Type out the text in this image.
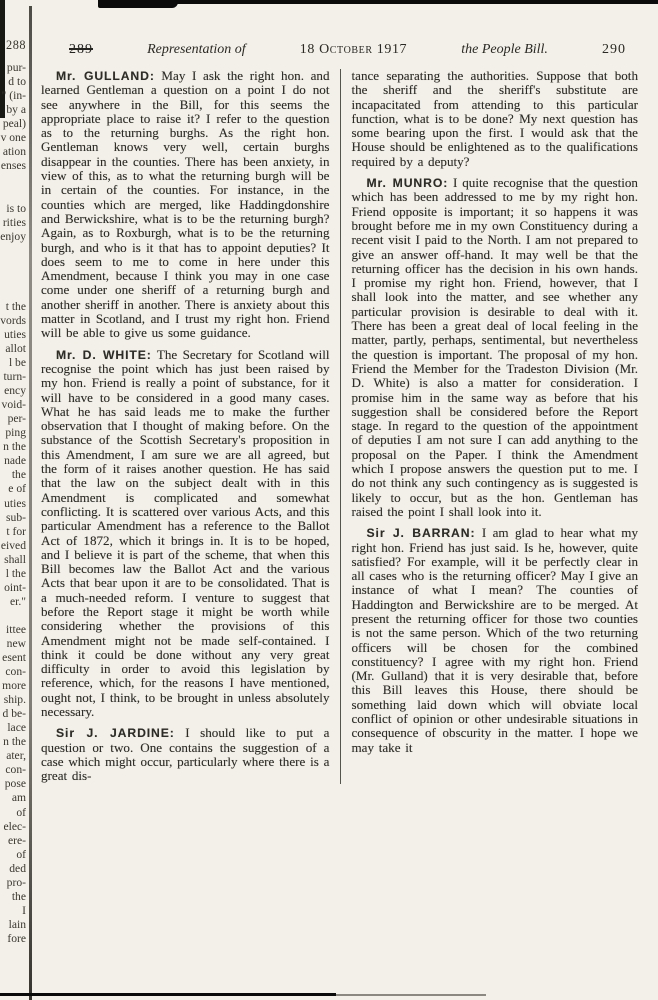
288
pur-
d to
" (in-
by a
peal)
v one
ation
enses
is to
rities
enjoy
t the
vords
uties
allot
l be
turn-
ency
void-
per-
ping
n the
nade
the
e of
uties
sub-
t for
eived
shall
l the
oint-
er."
ittee
new
esent
con-
more
ship.
d be-
lace
n the
ater,
con-
pose
am
of
elec-
ere-
of
ded
pro-
the
I
lain
fore
289	Representation of	18 October 1917	the People Bill.	290

Mr. GULLAND: May I ask the right hon. and learned Gentleman a question on a point I do not see anywhere in the Bill, for this seems the appropriate place to raise it? I refer to the question as to the returning burghs. As the right hon. Gentleman knows very well, certain burghs disappear in the counties. There has been anxiety, in view of this, as to what the returning burgh will be in certain of the counties. For instance, in the counties which are merged, like Haddingdonshire and Berwickshire, what is to be the returning burgh? Again, as to Roxburgh, what is to be the returning burgh, and who is it that has to appoint deputies? It does seem to me to come in here under this Amendment, because I think you may in one case come under one sheriff of a returning burgh and another sheriff in another. There is anxiety about this matter in Scotland, and I trust my right hon. Friend will be able to give us some guidance.

Mr. D. WHITE: The Secretary for Scotland will recognise the point which has just been raised by my hon. Friend is really a point of substance, for it will have to be considered in a good many cases. What he has said leads me to make the further observation that I thought of making before. On the substance of the Scottish Secretary's proposition in this Amendment, I am sure we are all agreed, but the form of it raises another question. He has said that the law on the subject dealt with in this Amendment is complicated and somewhat conflicting. It is scattered over various Acts, and this particular Amendment has a reference to the Ballot Act of 1872, which it brings in. It is to be hoped, and I believe it is part of the scheme, that when this Bill becomes law the Ballot Act and the various Acts that bear upon it are to be consolidated. That is a much-needed reform. I venture to suggest that before the Report stage it might be worth while considering whether the provisions of this Amendment might not be made self-contained. I think it could be done without any very great difficulty in order to avoid this legislation by reference, which, for the reasons I have mentioned, ought not, I think, to be brought in unless absolutely necessary.

Sir J. JARDINE: I should like to put a question or two. One contains the suggestion of a case which might occur, particularly where there is a great dis-

tance separating the authorities. Suppose that both the sheriff and the sheriff's substitute are incapacitated from attending to this particular function, what is to be done? My next question has some bearing upon the first. I would ask that the House should be enlightened as to the qualifications required by a deputy?

Mr. MUNRO: I quite recognise that the question which has been addressed to me by my right hon. Friend opposite is important; it so happens it was brought before me in my own Constituency during a recent visit I paid to the North. I am not prepared to give an answer off-hand. It may well be that the returning officer has the decision in his own hands. I promise my right hon. Friend, however, that I shall look into the matter, and see whether any particular provision is desirable to deal with it. There has been a great deal of local feeling in the matter, partly, perhaps, sentimental, but nevertheless the question is important. The proposal of my hon. Friend the Member for the Tradeston Division (Mr. D. White) is also a matter for consideration. I promise him in the same way as before that his suggestion shall be considered before the Report stage. In regard to the question of the appointment of deputies I am not sure I can add anything to the proposal on the Paper. I think the Amendment which I propose answers the question put to me. I do not think any such contingency as is suggested is likely to occur, but as the hon. Gentleman has raised the point I shall look into it.

Sir J. BARRAN: I am glad to hear what my right hon. Friend has just said. Is he, however, quite satisfied? For example, will it be perfectly clear in all cases who is the returning officer? May I give an instance of what I mean? The counties of Haddington and Berwickshire are to be merged. At present the returning officer for those two counties is not the same person. Which of the two returning officers will be chosen for the combined constituency? I agree with my right hon. Friend (Mr. Gulland) that it is very desirable that, before this Bill leaves this House, there should be something laid down which will obviate local conflict of opinion or other undesirable situations in consequence of obscurity in the matter. I hope we may take it
